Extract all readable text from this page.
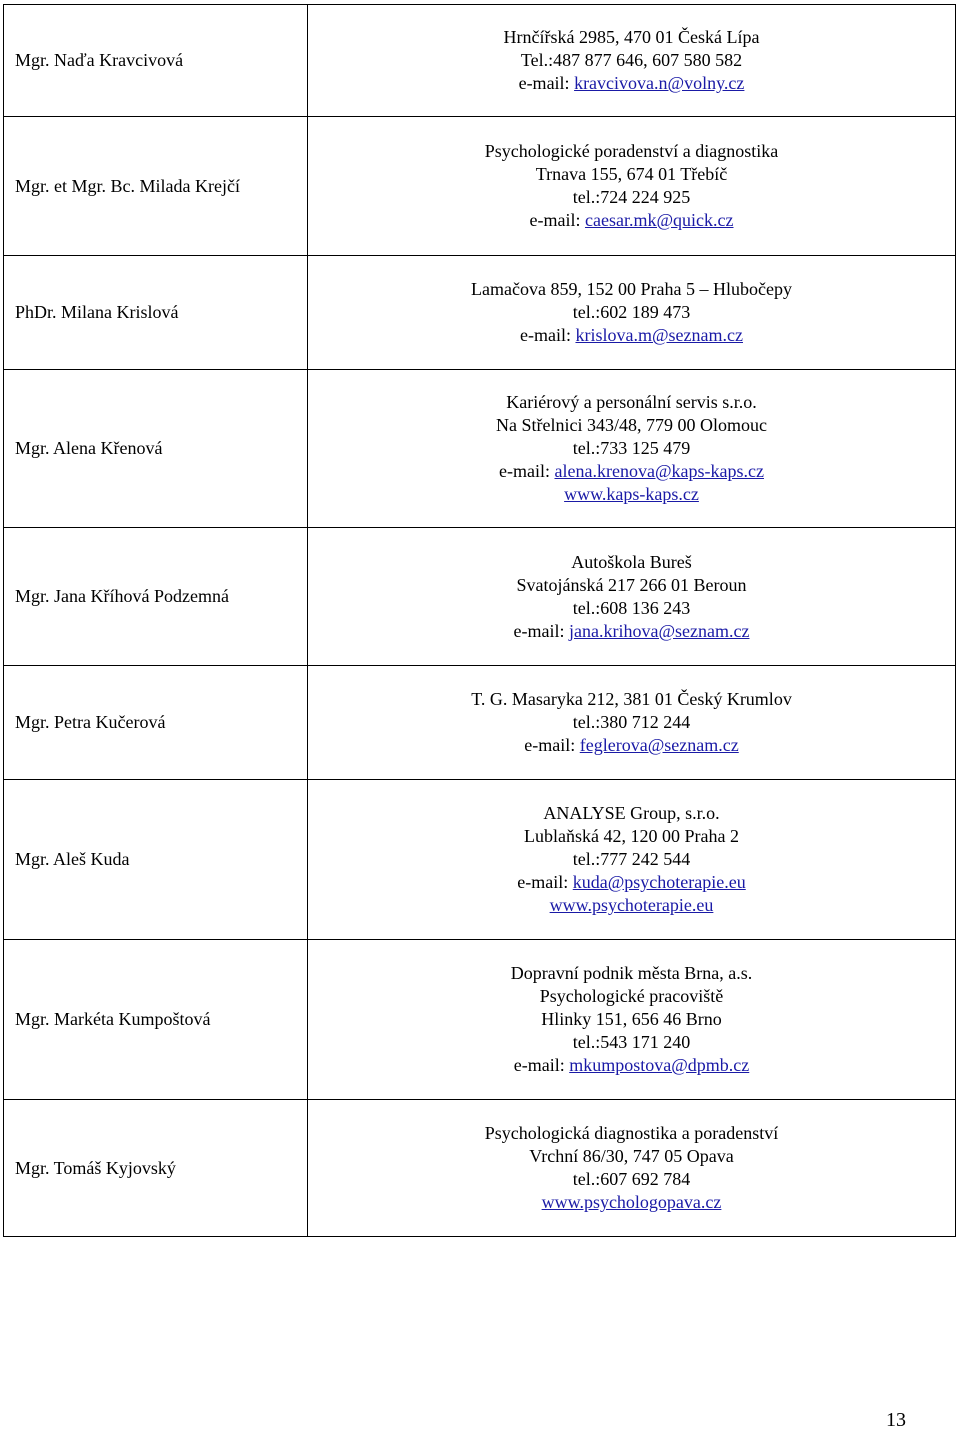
Mgr. Naďa Kravcivová	Hrnčířská 2985, 470 01 Česká Lípa
Tel.:487 877 646, 607 580 582
e-mail: kravcivova.n@volny.cz

Mgr. et Mgr. Bc. Milada Krejčí	Psychologické poradenství a diagnostika
Trnava 155, 674 01 Třebíč
tel.:724 224 925
e-mail: caesar.mk@quick.cz

PhDr. Milana Krislová	Lamačova 859, 152 00 Praha 5 – Hlubočepy
tel.:602 189 473
e-mail: krislova.m@seznam.cz

Mgr. Alena Křenová	Kariérový a personální servis s.r.o.
Na Střelnici 343/48, 779 00 Olomouc
tel.:733 125 479
e-mail: alena.krenova@kaps-kaps.cz
www.kaps-kaps.cz

Mgr. Jana Kříhová Podzemná	Autoškola Bureš
Svatojánská 217 266 01 Beroun
tel.:608 136 243
e-mail: jana.krihova@seznam.cz

Mgr. Petra Kučerová	T. G. Masaryka 212, 381 01 Český Krumlov
tel.:380 712 244
e-mail: feglerova@seznam.cz

Mgr. Aleš Kuda	ANALYSE Group, s.r.o.
Lublaňská 42, 120 00 Praha 2
tel.:777 242 544
e-mail: kuda@psychoterapie.eu
www.psychoterapie.eu

Mgr. Markéta Kumpoštová	Dopravní podnik města Brna, a.s.
Psychologické pracoviště
Hlinky 151, 656 46 Brno
tel.:543 171 240
e-mail: mkumpostova@dpmb.cz

Mgr. Tomáš Kyjovský	Psychologická diagnostika a poradenství
Vrchní 86/30, 747 05 Opava
tel.:607 692 784
www.psychologopava.cz
13
